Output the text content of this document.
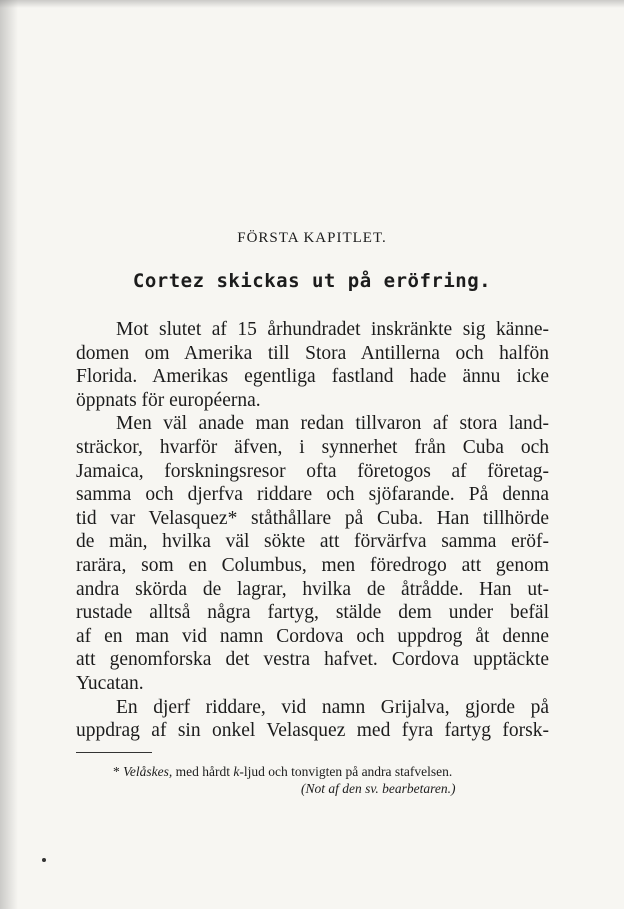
FÖRSTA KAPITLET.
Cortez skickas ut på eröfring.
Mot slutet af 15 århundradet inskränkte sig känne-
domen om Amerika till Stora Antillerna och halfön
Florida. Amerikas egentliga fastland hade ännu icke
öppnats för européerna.
Men väl anade man redan tillvaron af stora land-
sträckor, hvarför äfven, i synnerhet från Cuba och
Jamaica, forskningsresor ofta företogos af företag-
samma och djerfva riddare och sjöfarande. På denna
tid var Velasquez* ståthållare på Cuba. Han tillhörde
de män, hvilka väl sökte att förvärfva samma eröf-
rarära, som en Columbus, men föredrogo att genom
andra skörda de lagrar, hvilka de åtrådde. Han ut-
rustade alltså några fartyg, stälde dem under befäl
af en man vid namn Cordova och uppdrog åt denne
att genomforska det vestra hafvet. Cordova upptäckte
Yucatan.
En djerf riddare, vid namn Grijalva, gjorde på
uppdrag af sin onkel Velasquez med fyra fartyg forsk-
* Velåskes, med hårdt k-ljud och tonvigten på andra stafvelsen.
(Not af den sv. bearbetaren.)
